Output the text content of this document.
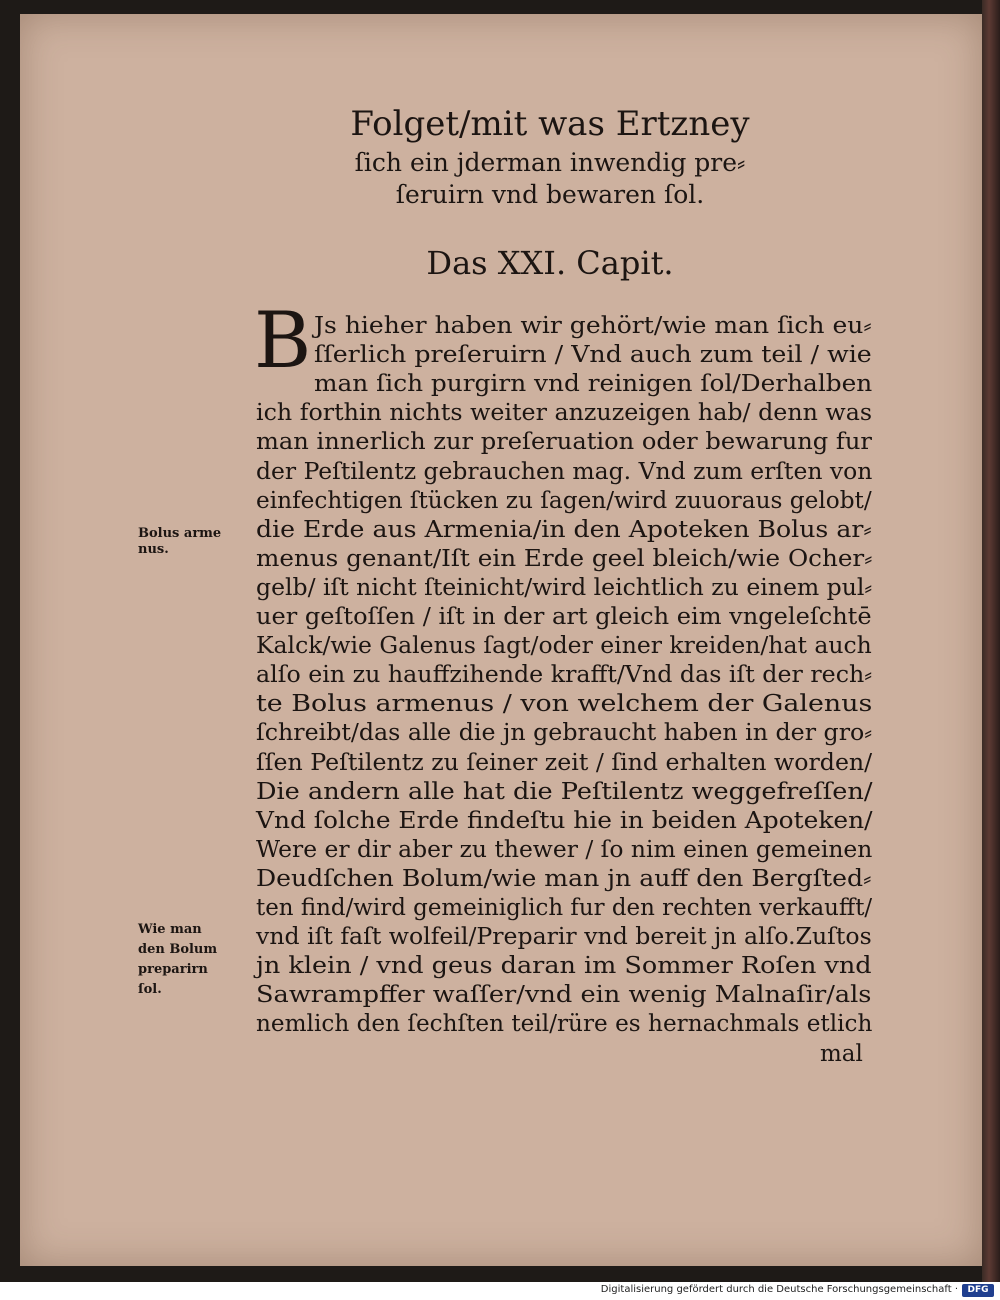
Folget/mit was Ertzney
ſich ein jderman inwendig pre⸗
ſeruirn vnd bewaren ſol.
Das XXI. Capit.
B Js hieher haben wir gehört/wie man ſich eu⸗
ſſerlich preſeruirn / Vnd auch zum teil / wie
man ſich purgirn vnd reinigen ſol/Derhalben
ich forthin nichts weiter anzuzeigen hab/ denn was
man innerlich zur preſeruation oder bewarung fur
der Peſtilentz gebrauchen mag. Vnd zum erſten von
einfechtigen ſtücken zu ſagen/wird zuuoraus gelobt/
die Erde aus Armenia/in den Apoteken Bolus ar⸗
menus genant/Iſt ein Erde geel bleich/wie Ocher⸗
gelb/ iſt nicht ſteinicht/wird leichtlich zu einem pul⸗
uer geſtoſſen / iſt in der art gleich eim vngeleſchtē
Kalck/wie Galenus ſagt/oder einer kreiden/hat auch
alſo ein zu hauffzihende krafft/Vnd das iſt der rech⸗
te Bolus armenus / von welchem der Galenus
ſchreibt/das alle die jn gebraucht haben in der gro⸗
ſſen Peſtilentz zu ſeiner zeit / ſind erhalten worden/
Die andern alle hat die Peſtilentz weggefreſſen/
Vnd ſolche Erde findeſtu hie in beiden Apoteken/
Were er dir aber zu thewer / ſo nim einen gemeinen
Deudſchen Bolum/wie man jn auff den Bergſted⸗
ten find/wird gemeiniglich fur den rechten verkaufft/
vnd iſt faſt wolfeil/Preparir vnd bereit jn alſo.Zuſtos
jn klein / vnd geus daran im Sommer Roſen vnd
Sawrampffer waſſer/vnd ein wenig Malnaſir/als
nemlich den ſechſten teil/rüre es hernachmals etlich
mal
Bolus arme
nus.
Wie man
den Bolum
preparirn
ſol.
Digitalisierung gefördert durch die Deutsche Forschungsgemeinschaft ·	DFG
